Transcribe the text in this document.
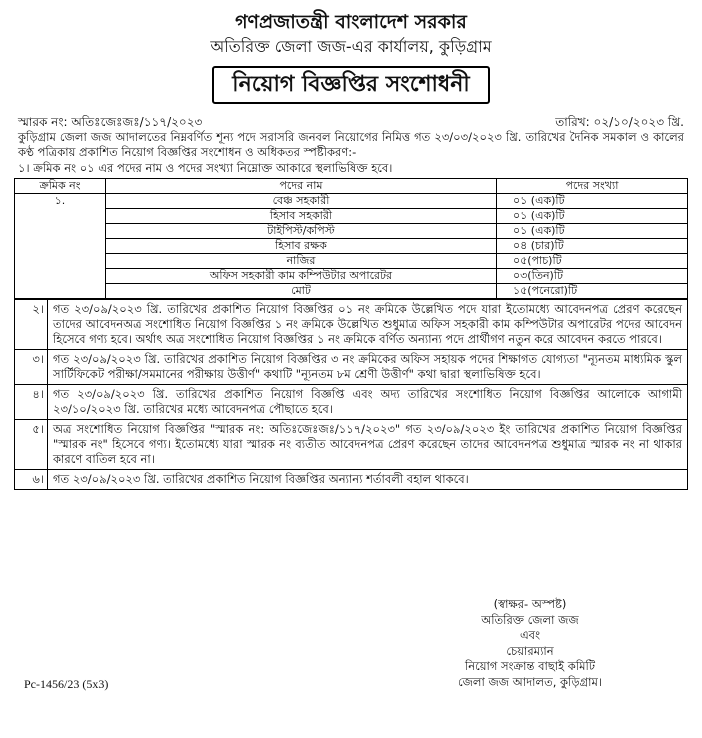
গণপ্রজাতন্ত্রী বাংলাদেশ সরকার
অতিরিক্ত জেলা জজ-এর কার্যালয়, কুড়িগ্রাম
নিয়োগ বিজ্ঞপ্তির সংশোধনী
স্মারক নং: অতিঃজেঃজঃ/১১৭/২০২৩	তারিখ: ০২/১০/২০২৩ খ্রি.

কুড়িগ্রাম জেলা জজ আদালতের নিম্নবর্ণিত শূন্য পদে সরাসরি জনবল নিয়োগের নিমিত্ত গত ২৩/০৩/২০২৩ খ্রি. তারিখের দৈনিক সমকাল ও কালের কণ্ঠ পত্রিকায় প্রকাশিত নিয়োগ বিজ্ঞপ্তির সংশোধন ও অধিকতর স্পষ্টীকরণ:-

১। ক্রমিক নং ০১ এর পদের নাম ও পদের সংখ্যা নিম্নোক্ত আকারে স্থলাভিষিক্ত হবে।

ক্রমিক নং	পদের নাম	পদের সংখ্যা
১.	বেঞ্চ সহকারী	০১ (এক)টি
	হিসাব সহকারী	০১ (এক)টি
	টাইপিস্ট/কপিস্ট	০১ (এক)টি
	হিসাব রক্ষক	০৪ (চার)টি
	নাজির	০৫(পাচ)টি
	অফিস সহকারী কাম কম্পিউটার অপারেটর	০৩(তিন)টি
	মোট	১৫(পনেরো)টি
২।	গত ২৩/০৯/২০২৩ খ্রি. তারিখের প্রকাশিত নিয়োগ বিজ্ঞপ্তির ০১ নং ক্রমিকে উল্লেখিত পদে যারা ইতোমধ্যে আবেদনপত্র প্রেরণ করেছেন তাদের আবেদনঅত্র সংশোধিত নিয়োগ বিজ্ঞপ্তির ১ নং ক্রমিকে উল্লেখিত শুধুমাত্র অফিস সহকারী কাম কম্পিউটার অপারেটর পদের আবেদন হিসেবে গণ্য হবে। অর্থাৎ অত্র সংশোধিত নিয়োগ বিজ্ঞপ্তির ১ নং ক্রমিকে বর্ণিত অন্যান্য পদে প্রার্থীগণ নতুন করে আবেদন করতে পারবে।
৩।	গত ২৩/০৯/২০২৩ খ্রি. তারিখের প্রকাশিত নিয়োগ বিজ্ঞপ্তির ৩ নং ক্রমিকের অফিস সহায়ক পদের শিক্ষাগত যোগ্যতা "ন্যূনতম মাধ্যমিক স্কুল সার্টিফিকেট পরীক্ষা/সমমানের পরীক্ষায় উত্তীর্ণ" কথাটি "ন্যূনতম ৮ম শ্রেণী উত্তীর্ণ" কথা দ্বারা স্থলাভিষিক্ত হবে।
৪।	গত ২৩/০৯/২০২৩ খ্রি. তারিখের প্রকাশিত নিয়োগ বিজ্ঞপ্তি এবং অদ্য তারিখের সংশোধিত নিয়োগ বিজ্ঞপ্তির আলোকে আগামী ২৩/১০/২০২৩ খ্রি. তারিখের মধ্যে আবেদনপত্র পৌছাতে হবে।
৫।	অত্র সংশোধিত নিয়োগ বিজ্ঞপ্তির "স্মারক নং: অতিঃজেঃজঃ/১১৭/২০২৩" গত ২৩/০৯/২০২৩ ইং তারিখের প্রকাশিত নিয়োগ বিজ্ঞপ্তির "স্মারক নং" হিসেবে গণ্য। ইতোমধ্যে যারা স্মারক নং ব্যতীত আবেদনপত্র প্রেরণ করেছেন তাদের আবেদনপত্র শুধুমাত্র স্মারক নং না থাকার কারণে বাতিল হবে না।
৬।	গত ২৩/০৯/২০২৩ খ্রি. তারিখের প্রকাশিত নিয়োগ বিজ্ঞপ্তির অন্যান্য শর্তাবলী বহাল থাকবে।
(স্বাক্ষর- অস্পষ্ট)
অতিরিক্ত জেলা জজ
এবং
চেয়ারম্যান
নিয়োগ সংক্রান্ত বাছাই কমিটি
জেলা জজ আদালত, কুড়িগ্রাম।
Pc-1456/23 (5x3)
